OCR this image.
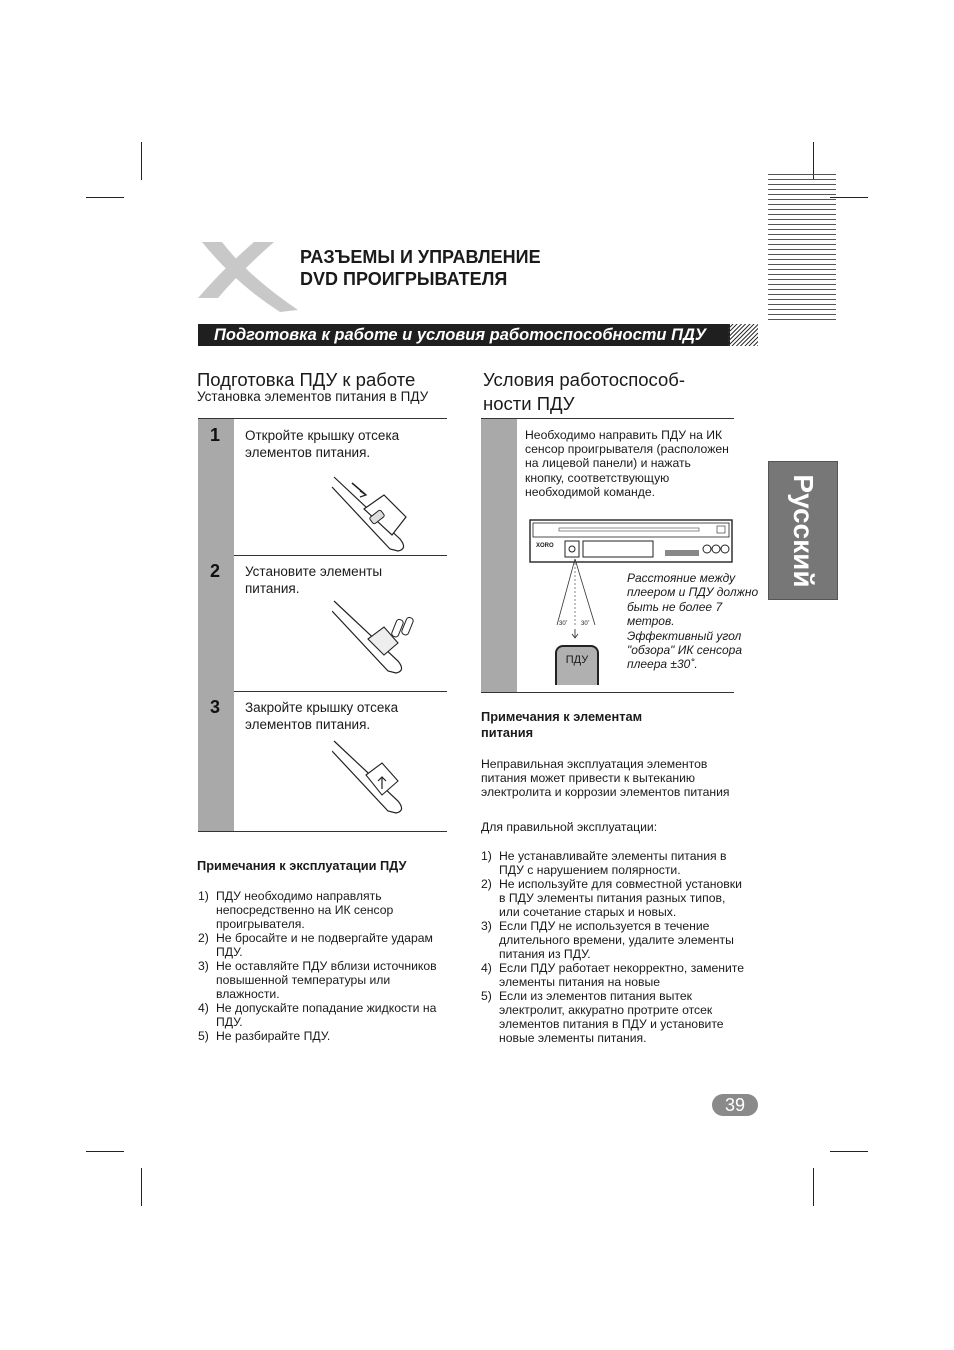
РАЗЪЕМЫ И УПРАВЛЕНИЕ
DVD ПРОИГРЫВАТЕЛЯ
Подготовка к работе и условия работоспособности ПДУ
Подготовка ПДУ к работе
Установка элементов питания в ПДУ
1 Откройте крышку отсека элементов питания.
2 Установите элементы питания.
3 Закройте крышку отсека элементов питания.
Примечания к эксплуатации ПДУ
1) ПДУ необходимо направлять непосредственно на ИК сенсор проигрывателя.
2) Не бросайте и не подвергайте ударам ПДУ.
3) Не оставляйте ПДУ вблизи источников повышенной температуры или влажности.
4) Не допускайте попадание жидкости на ПДУ.
5) Не разбирайте ПДУ.
Условия работоспособ-
ности ПДУ
Необходимо направить ПДУ на ИК сенсор проигрывателя (расположен на лицевой панели) и нажать кнопку, соответствующую необходимой команде.
XORO
30˚ 30˚
ПДУ
Расстояние между плеером и ПДУ должно быть не более 7 метров. Эффективный угол "обзора" ИК сенсора плеера ±30˚.
Примечания к элементам питания
Неправильная эксплуатация элементов питания может привести к вытеканию электролита и коррозии элементов питания
Для правильной эксплуатации:
1) Не устанавливайте элементы питания в ПДУ с нарушением полярности.
2) Не используйте для совместной установки в ПДУ элементы питания разных типов, или сочетание старых и новых.
3) Если ПДУ не используется в течение длительного времени, удалите элементы питания из ПДУ.
4) Если ПДУ работает некорректно, замените элементы питания на новые
5) Если из элементов питания вытек электролит, аккуратно протрите отсек элементов питания в ПДУ и установите новые элементы питания.
Русский
39
